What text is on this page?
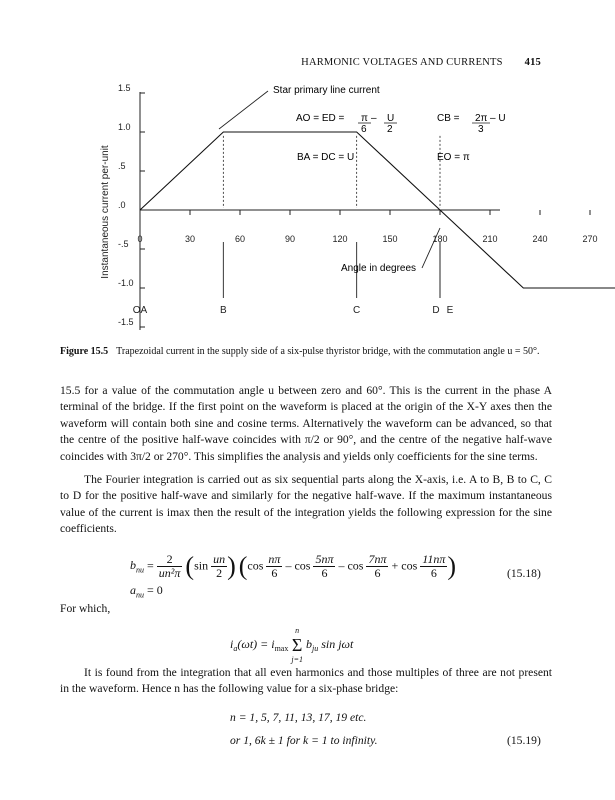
HARMONIC VOLTAGES AND CURRENTS 415
1.5
1.0
.5
.0
-.5
-1.0
-1.5
0	30	60	90	120	150	180	210	240	270
OA	B	C	D E
Instantaneous current per-unit
Star primary line current
AO = ED = π
6
– U
2
CB = 2π
3
– U
BA = DC = U	EO = π
Angle in degrees
Figure 15.5 Trapezoidal current in the supply side of a six-pulse thyristor bridge, with the commutation angle u = 50°.

15.5 for a value of the commutation angle u between zero and 60°. This is the current in the phase A terminal of the bridge. If the first point on the waveform is placed at the origin of the X-Y axes then the waveform will contain both sine and cosine terms. Alternatively the waveform can be advanced, so that the centre of the positive half-wave coincides with π/2 or 90°, and the centre of the negative half-wave coincides with 3π/2 or 270°. This simplifies the analysis and yields only coefficients for the sine terms.

The Fourier integration is carried out as six sequential parts along the X-axis, i.e. A to B, B to C, C to D for the positive half-wave and similarly for the negative half-wave. If the maximum instantaneous value of the current is imax then the result of the integration yields the following expression for the sine coefficients.

$b_{nu} = \frac{2}{\text{un²π}} (\sin \frac{un}{2}$ ) ($\cos \frac{n\pi}{6} - \cos \frac{5n\pi}{6} - \cos \frac{7n\pi}{6} + \cos \frac{11n\pi}{6}$ )	(15.18)
$a_{nu} = 0$
For which,
$i_a(\omega t) = i_{max}$
n
Σ
j=1
$b_{ju}$ sin jωt

It is found from the integration that all even harmonics and those multiples of three are not present in the waveform. Hence n has the following value for a six-phase bridge:

n = 1, 5, 7, 11, 13, 17, 19 etc.
or 1, 6k ± 1 for k = 1 to infinity.	(15.19)
